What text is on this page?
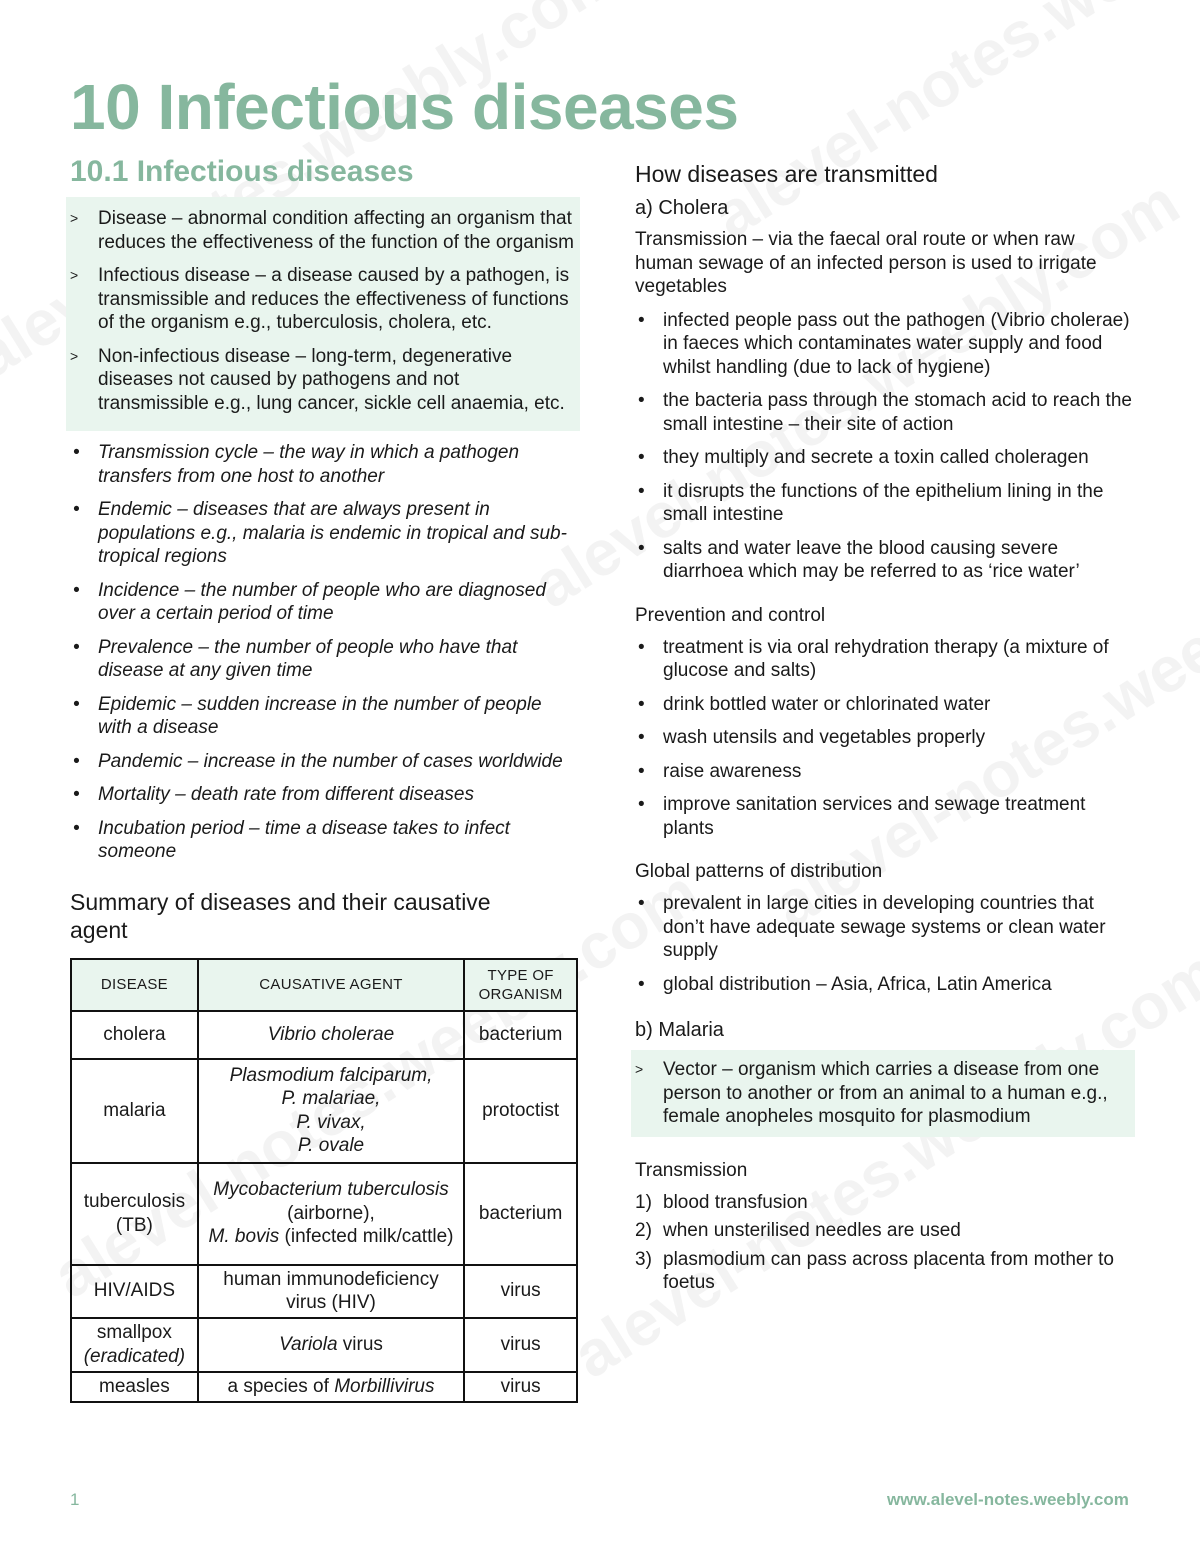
10 Infectious diseases
10.1 Infectious diseases
> Disease – abnormal condition affecting an organism that reduces the effectiveness of the function of the organism
> Infectious disease – a disease caused by a pathogen, is transmissible and reduces the effectiveness of functions of the organism e.g., tuberculosis, cholera, etc.
> Non-infectious disease – long-term, degenerative diseases not caused by pathogens and not transmissible e.g., lung cancer, sickle cell anaemia, etc.
• Transmission cycle – the way in which a pathogen transfers from one host to another
• Endemic – diseases that are always present in populations e.g., malaria is endemic in tropical and sub-tropical regions
• Incidence – the number of people who are diagnosed over a certain period of time
• Prevalence – the number of people who have that disease at any given time
• Epidemic – sudden increase in the number of people with a disease
• Pandemic – increase in the number of cases worldwide
• Mortality – death rate from different diseases
• Incubation period – time a disease takes to infect someone
Summary of diseases and their causative agent
DISEASE	CAUSATIVE AGENT	TYPE OF ORGANISM
cholera	Vibrio cholerae	bacterium
malaria	Plasmodium falciparum,
P. malariae,
P. vivax,
P. ovale	protoctist
tuberculosis (TB)	Mycobacterium tuberculosis
(airborne),
M. bovis (infected milk/cattle)	bacterium
HIV/AIDS	human immunodeficiency virus (HIV)	virus
smallpox
(eradicated)	Variola virus	virus
measles	a species of Morbillivirus	virus
How diseases are transmitted
a) Cholera

Transmission – via the faecal oral route or when raw human sewage of an infected person is used to irrigate vegetables

• infected people pass out the pathogen (Vibrio cholerae) in faeces which contaminates water supply and food whilst handling (due to lack of hygiene)
• the bacteria pass through the stomach acid to reach the small intestine – their site of action
• they multiply and secrete a toxin called choleragen
• it disrupts the functions of the epithelium lining in the small intestine
• salts and water leave the blood causing severe diarrhoea which may be referred to as ‘rice water’
Prevention and control
• treatment is via oral rehydration therapy (a mixture of glucose and salts)
• drink bottled water or chlorinated water
• wash utensils and vegetables properly
• raise awareness
• improve sanitation services and sewage treatment plants
Global patterns of distribution
• prevalent in large cities in developing countries that don’t have adequate sewage systems or clean water supply
• global distribution – Asia, Africa, Latin America
b) Malaria
> Vector – organism which carries a disease from one person to another or from an animal to a human e.g., female anopheles mosquito for plasmodium
Transmission
1) blood transfusion
2) when unsterilised needles are used
3) plasmodium can pass across placenta from mother to foetus
1	www.alevel-notes.weebly.com
